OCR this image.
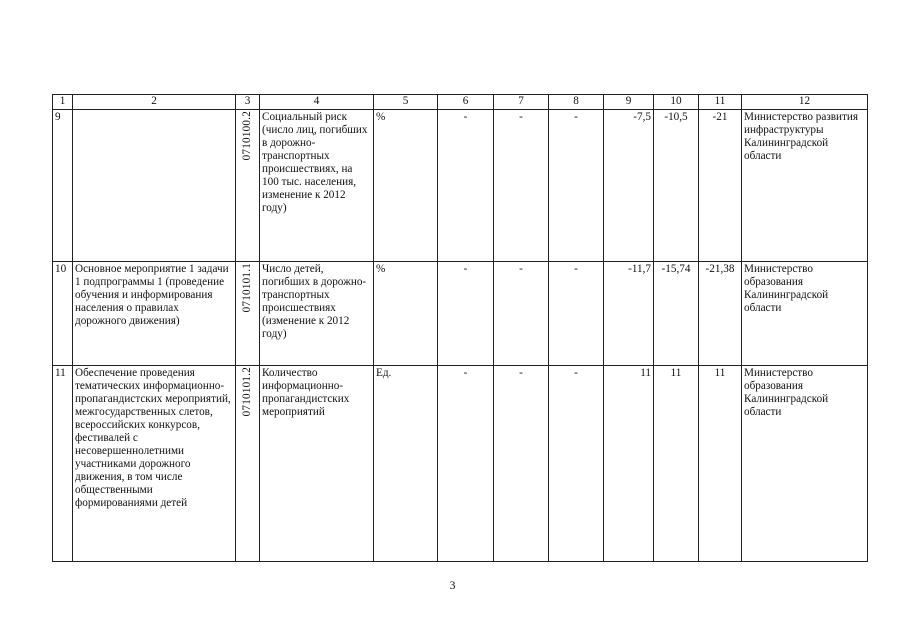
1	2	3	4	5	6	7	8	9	10	11	12
9		0710100.2	Социальный риск (число лиц, погибших в дорожно-транспортных происшествиях, на 100 тыс. населения, изменение к 2012 году)	%	-	-	-	-7,5	-10,5	-21	Министерство развития инфраструктуры Калининградской области
10	Основное мероприятие 1 задачи 1 подпрограммы 1 (проведение обучения и информирования населения о правилах дорожного движения)	0710101.1	Число детей, погибших в дорожно-транспортных происшествиях (изменение к 2012 году)	%	-	-	-	-11,7	-15,74	-21,38	Министерство образования Калининградской области
11	Обеспечение проведения тематических информационно-пропагандистских мероприятий, межгосударственных слетов, всероссийских конкурсов, фестивалей с несовершеннолетними участниками дорожного движения, в том числе общественными формированиями детей	0710101.2	Количество информационно-пропагандистских мероприятий	Ед.	-	-	-	11	11	11	Министерство образования Калининградской области
3
